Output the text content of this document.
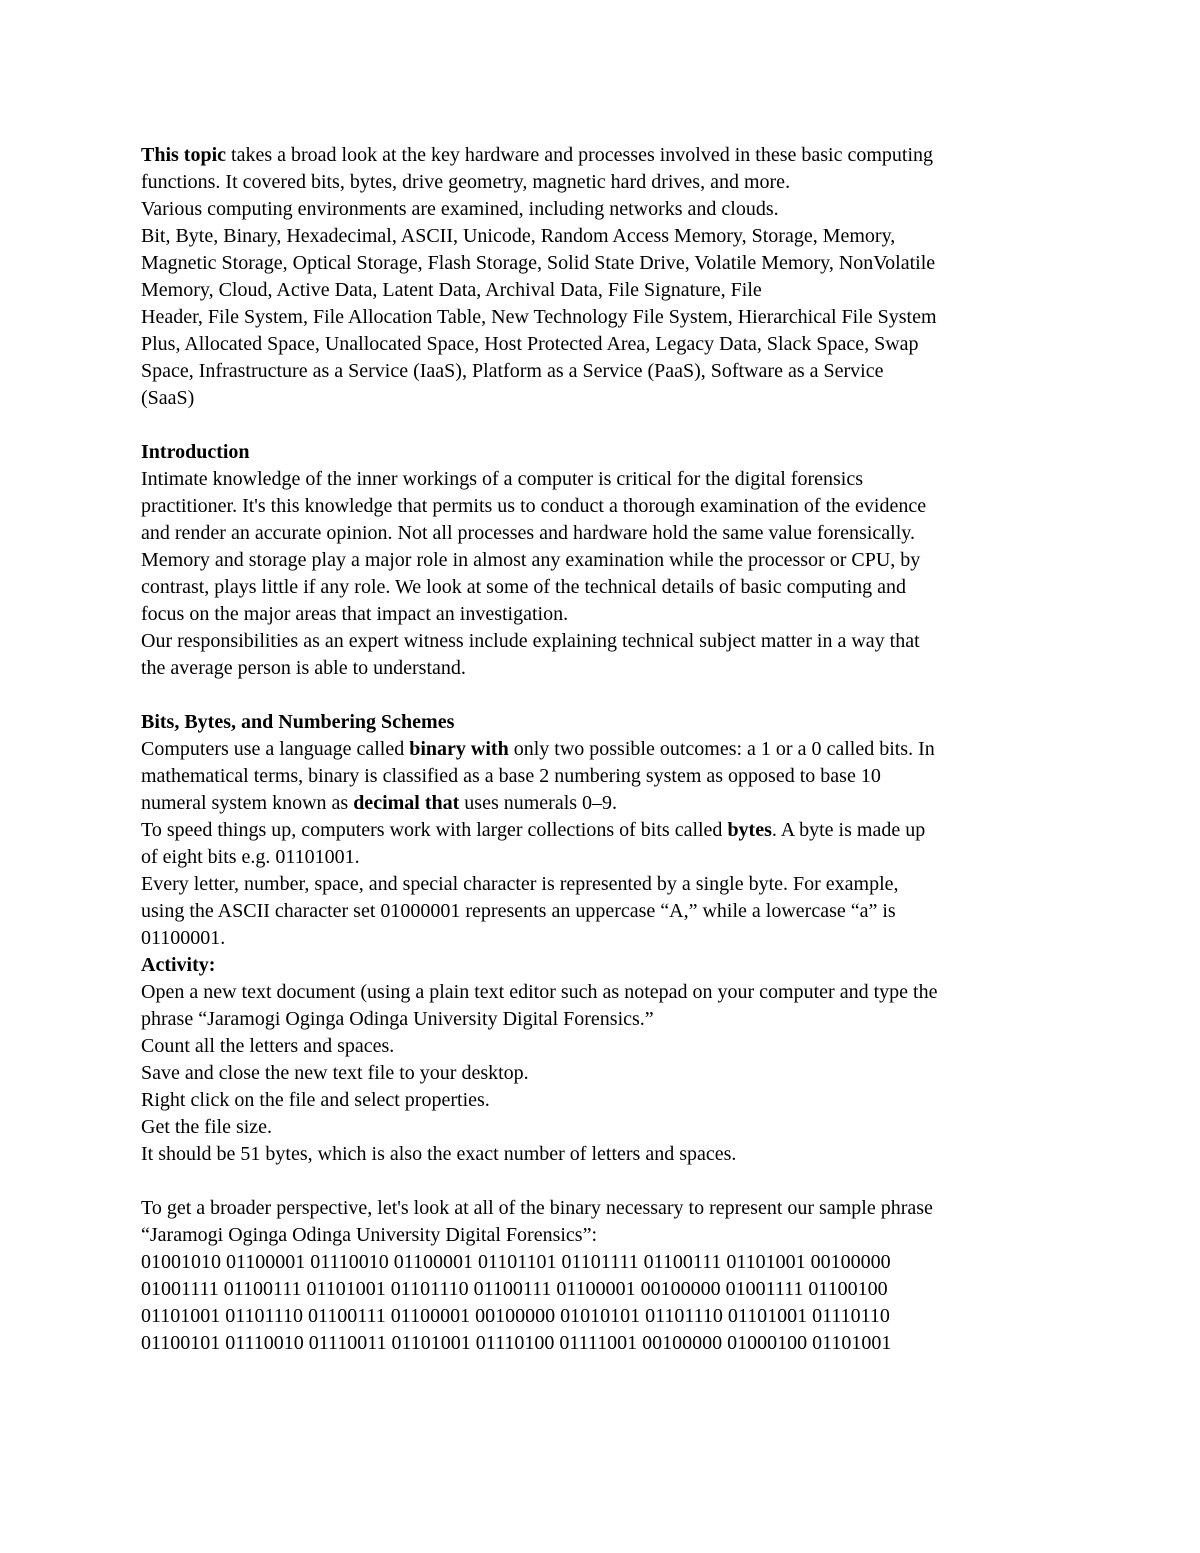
This topic takes a broad look at the key hardware and processes involved in these basic computing
functions. It covered bits, bytes, drive geometry, magnetic hard drives, and more.
Various computing environments are examined, including networks and clouds.
Bit, Byte, Binary, Hexadecimal, ASCII, Unicode, Random Access Memory, Storage, Memory,
Magnetic Storage, Optical Storage, Flash Storage, Solid State Drive, Volatile Memory, NonVolatile
Memory, Cloud, Active Data, Latent Data, Archival Data, File Signature, File
Header, File System, File Allocation Table, New Technology File System, Hierarchical File System
Plus, Allocated Space, Unallocated Space, Host Protected Area, Legacy Data, Slack Space, Swap
Space, Infrastructure as a Service (IaaS), Platform as a Service (PaaS), Software as a Service
(SaaS)
Introduction
Intimate knowledge of the inner workings of a computer is critical for the digital forensics
practitioner. It's this knowledge that permits us to conduct a thorough examination of the evidence
and render an accurate opinion. Not all processes and hardware hold the same value forensically.
Memory and storage play a major role in almost any examination while the processor or CPU, by
contrast, plays little if any role. We look at some of the technical details of basic computing and
focus on the major areas that impact an investigation.
Our responsibilities as an expert witness include explaining technical subject matter in a way that
the average person is able to understand.
Bits, Bytes, and Numbering Schemes
Computers use a language called binary with only two possible outcomes: a 1 or a 0 called bits. In
mathematical terms, binary is classified as a base 2 numbering system as opposed to base 10
numeral system known as decimal that uses numerals 0–9.
To speed things up, computers work with larger collections of bits called bytes. A byte is made up
of eight bits e.g. 01101001.
Every letter, number, space, and special character is represented by a single byte. For example,
using the ASCII character set 01000001 represents an uppercase “A,” while a lowercase “a” is
01100001.
Activity:
Open a new text document (using a plain text editor such as notepad on your computer and type the
phrase “Jaramogi Oginga Odinga University Digital Forensics.”
Count all the letters and spaces.
Save and close the new text file to your desktop.
Right click on the file and select properties.
Get the file size.
It should be 51 bytes, which is also the exact number of letters and spaces.
To get a broader perspective, let's look at all of the binary necessary to represent our sample phrase
“Jaramogi Oginga Odinga University Digital Forensics”:
01001010 01100001 01110010 01100001 01101101 01101111 01100111 01101001 00100000
01001111 01100111 01101001 01101110 01100111 01100001 00100000 01001111 01100100
01101001 01101110 01100111 01100001 00100000 01010101 01101110 01101001 01110110
01100101 01110010 01110011 01101001 01110100 01111001 00100000 01000100 01101001
